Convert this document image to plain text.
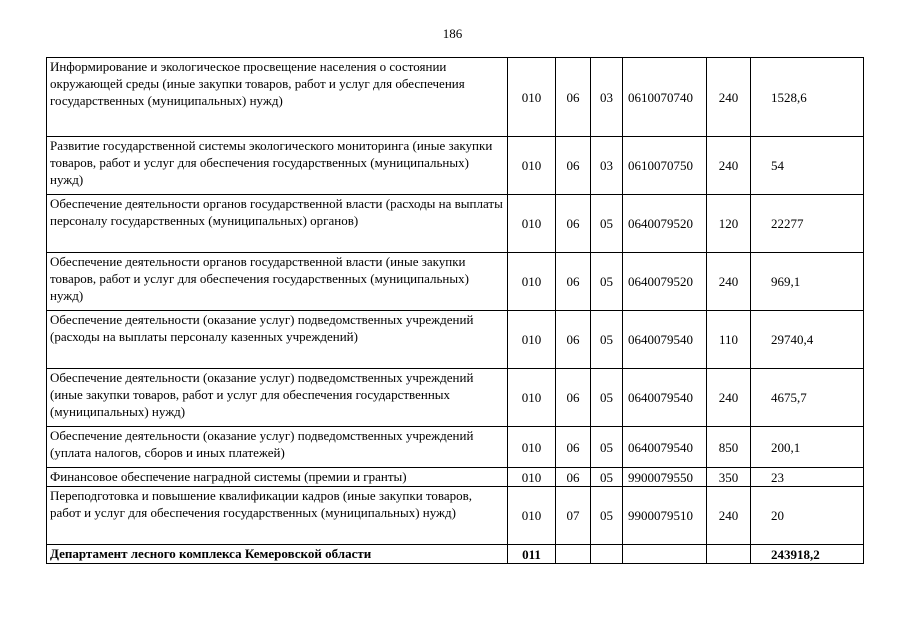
186
Информирование и экологическое просвещение населения о состоянии окружающей среды (иные закупки товаров, работ и услуг для обеспечения государственных (муниципальных) нужд)	010	06	03	0610070740	240	1528,6
Развитие государственной системы экологического мониторинга (иные закупки товаров, работ и услуг для обеспечения государственных (муниципальных) нужд)	010	06	03	0610070750	240	54
Обеспечение деятельности органов государственной власти (расходы на выплаты персоналу государственных (муниципальных) органов)	010	06	05	0640079520	120	22277
Обеспечение деятельности органов государственной власти (иные закупки товаров, работ и услуг для обеспечения государственных (муниципальных) нужд)	010	06	05	0640079520	240	969,1
Обеспечение деятельности (оказание услуг) подведомственных учреждений (расходы на выплаты персоналу казенных учреждений)	010	06	05	0640079540	110	29740,4
Обеспечение деятельности (оказание услуг) подведомственных учреждений (иные закупки товаров, работ и услуг для обеспечения государственных (муниципальных) нужд)	010	06	05	0640079540	240	4675,7
Обеспечение деятельности (оказание услуг) подведомственных учреждений (уплата налогов, сборов и иных платежей)	010	06	05	0640079540	850	200,1
Финансовое обеспечение наградной системы (премии и гранты)	010	06	05	9900079550	350	23
Переподготовка и повышение квалификации кадров (иные закупки товаров, работ и услуг для обеспечения государственных (муниципальных) нужд)	010	07	05	9900079510	240	20
Департамент лесного комплекса Кемеровской области	011					243918,2
